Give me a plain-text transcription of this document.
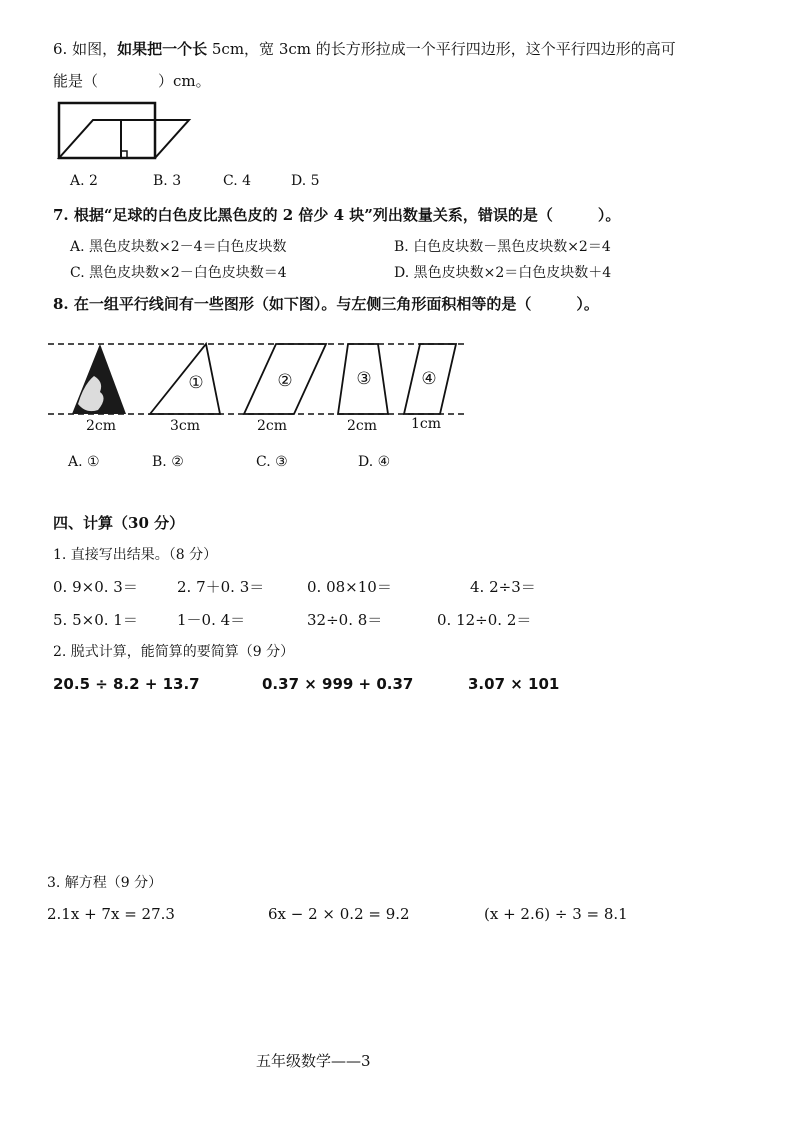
6. 如图，如果把一个长 5cm，宽 3cm 的长方形拉成一个平行四边形，这个平行四边形的高可
能是（　　　　）cm。
A. 2	B. 3	C. 4	D. 5
7. 根据“足球的白色皮比黑色皮的 2 倍少 4 块”列出数量关系，错误的是（　　　）。
A. 黑色皮块数×2－4＝白色皮块数	B. 白色皮块数－黑色皮块数×2＝4
C. 黑色皮块数×2－白色皮块数＝4	D. 黑色皮块数×2＝白色皮块数＋4
8. 在一组平行线间有一些图形（如下图）。与左侧三角形面积相等的是（　　　）。
①	②	③	④
2cm	3cm	2cm	2cm 1cm
A. ①	B. ②	C. ③	D. ④
四、计算（30 分）
1. 直接写出结果。（8 分）
0. 9×0. 3＝	2. 7＋0. 3＝	0. 08×10＝	4. 2÷3＝
5. 5×0. 1＝	1－0. 4＝	32÷0. 8＝	0. 12÷0. 2＝
2. 脱式计算，能简算的要简算（9 分）
20.5 ÷ 8.2 + 13.7	0.37 × 999 + 0.37	3.07 × 101
3. 解方程（9 分）
2.1x + 7x = 27.3	6x − 2 × 0.2 = 9.2	(x + 2.6) ÷ 3 = 8.1
五年级数学——3
